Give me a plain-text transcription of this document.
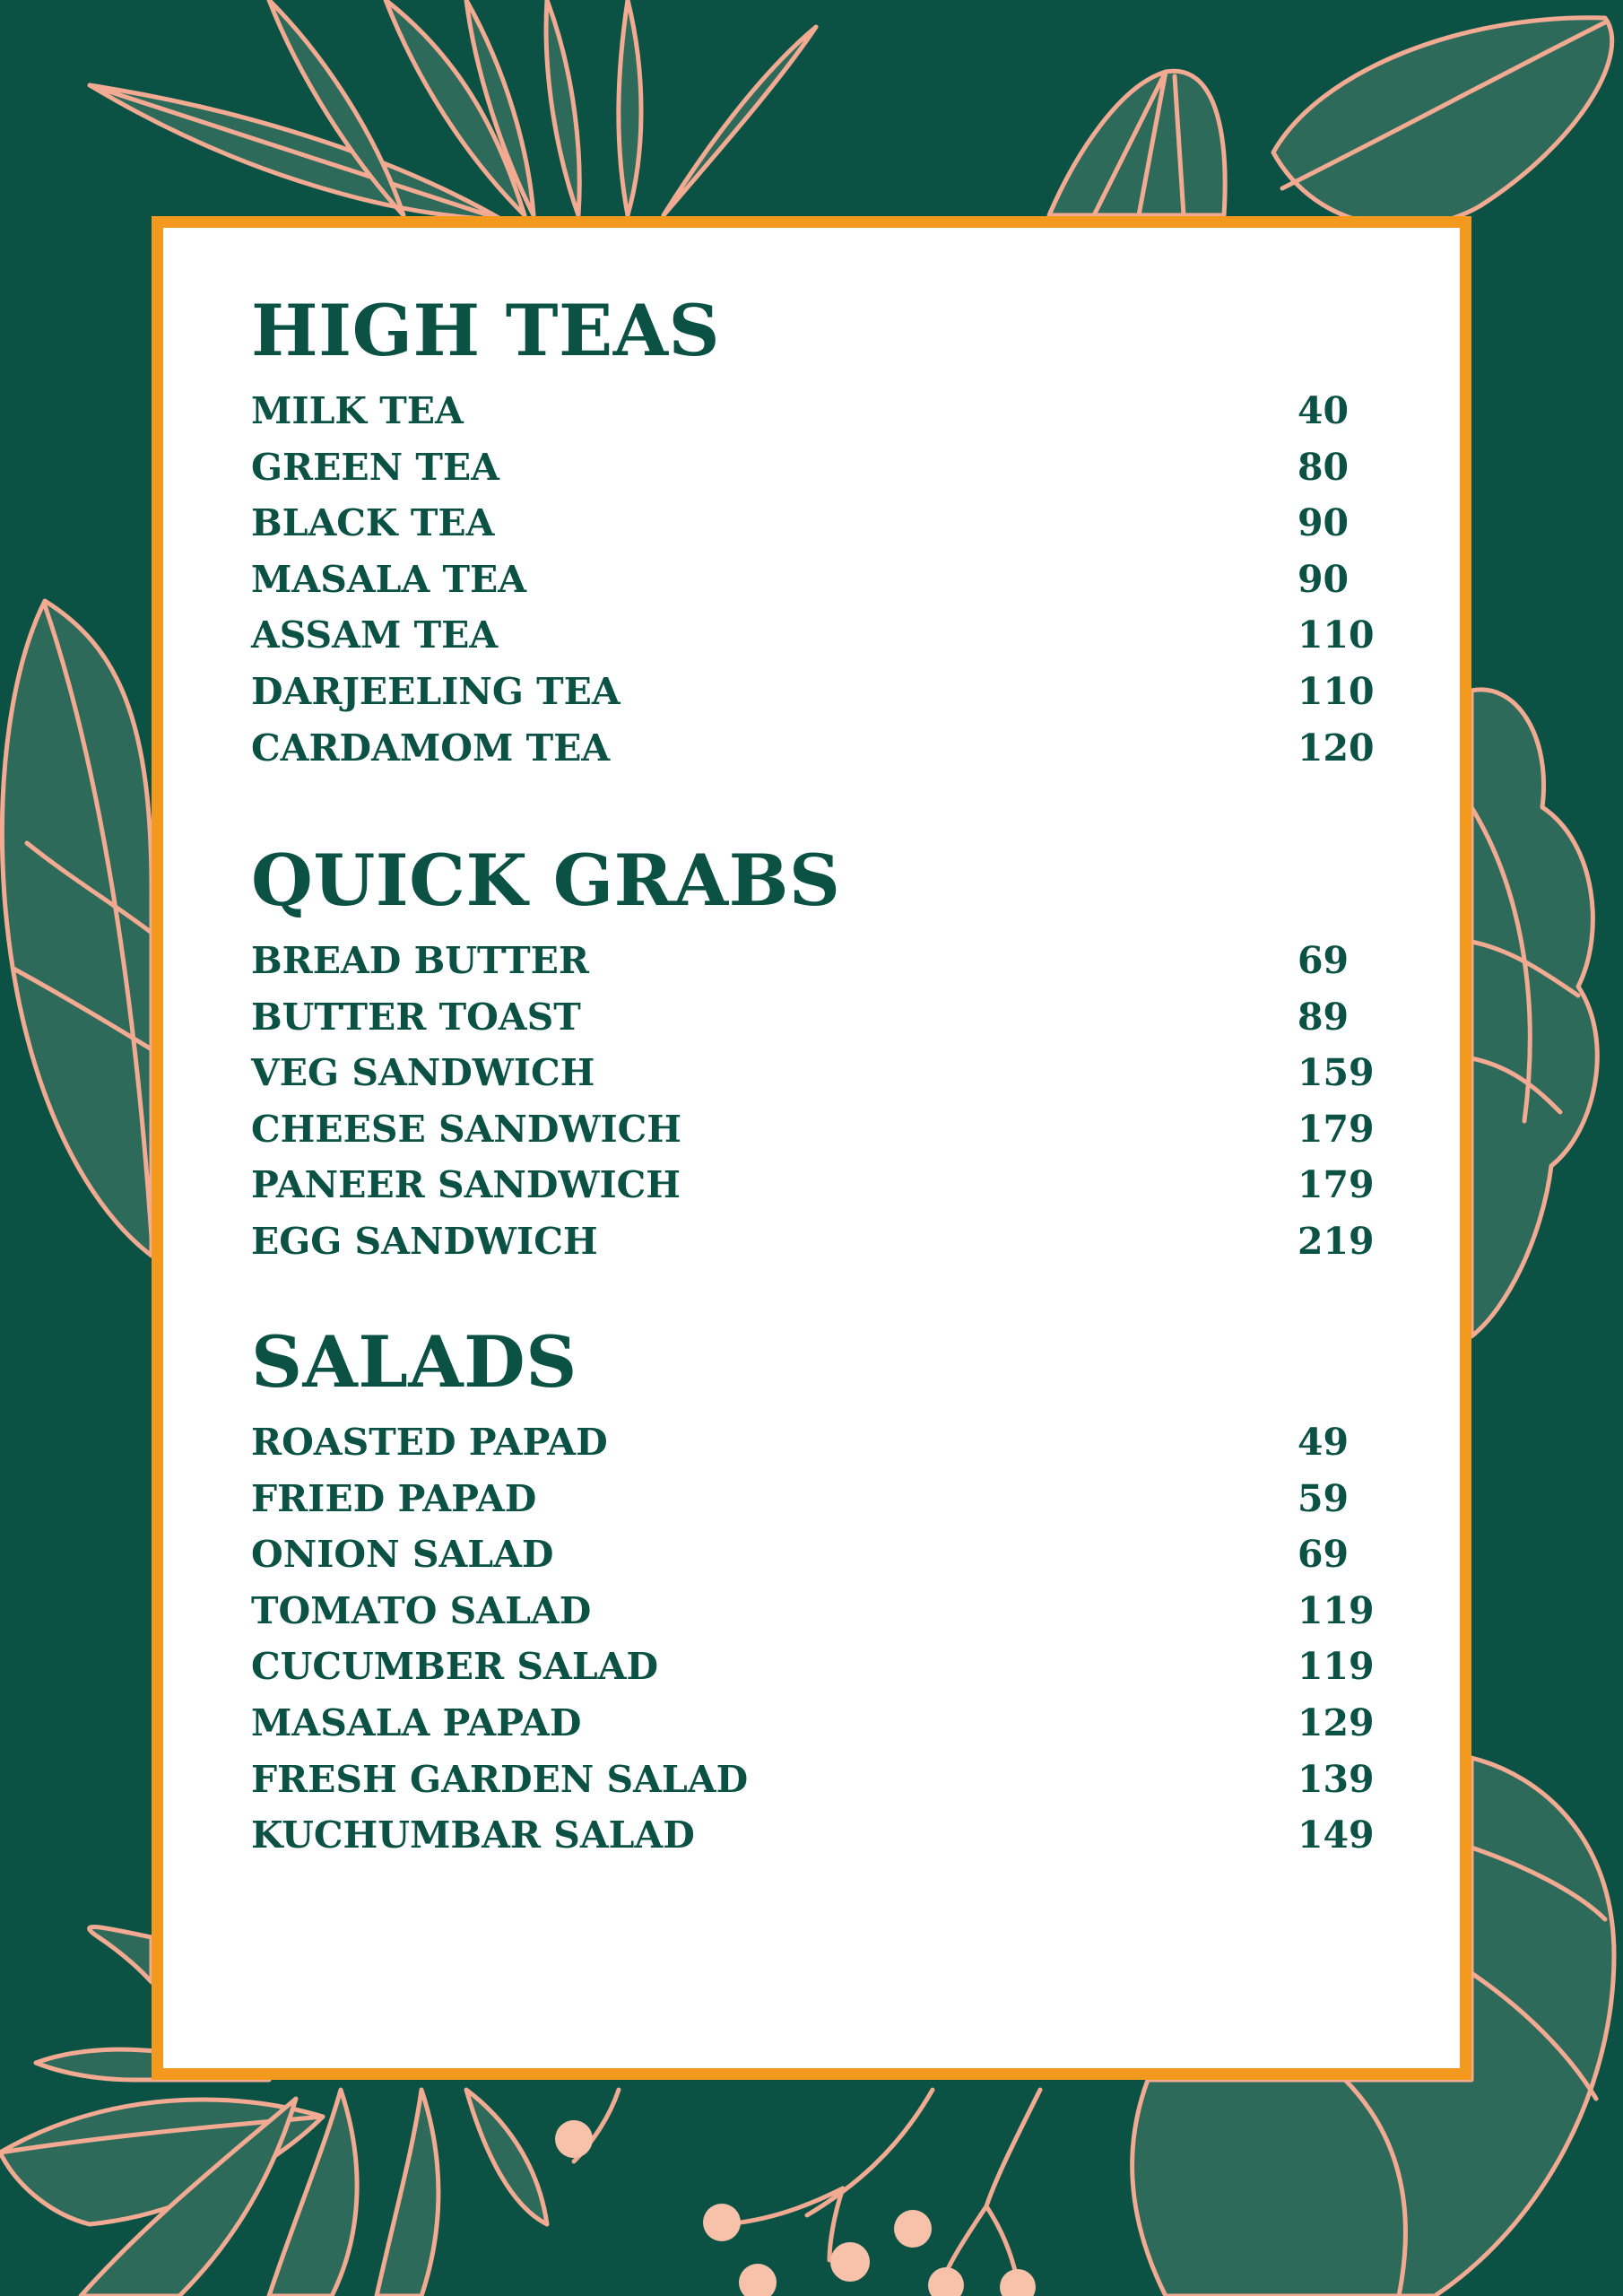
HIGH TEAS
MILK TEA	40
GREEN TEA	80
BLACK TEA	90
MASALA TEA	90
ASSAM TEA	110
DARJEELING TEA	110
CARDAMOM TEA	120
QUICK GRABS
BREAD BUTTER	69
BUTTER TOAST	89
VEG SANDWICH	159
CHEESE SANDWICH	179
PANEER SANDWICH	179
EGG SANDWICH	219
SALADS
ROASTED PAPAD	49
FRIED PAPAD	59
ONION SALAD	69
TOMATO SALAD	119
CUCUMBER SALAD	119
MASALA PAPAD	129
FRESH GARDEN SALAD	139
KUCHUMBAR SALAD	149
